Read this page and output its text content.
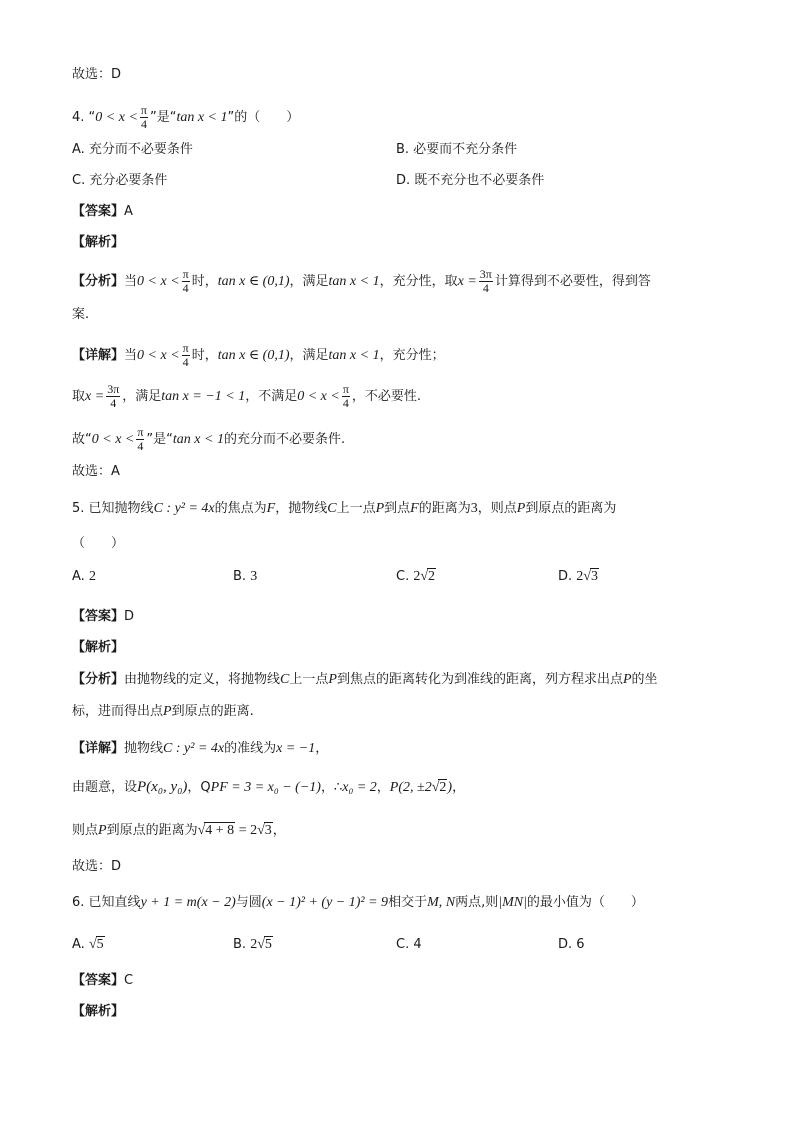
故选：D
4. “$0 < x < \frac{\pi}{4}$ ”是“tan x < 1”的（　　）
A. 充分而不必要条件	B. 必要而不充分条件
C. 充分必要条件	D. 既不充分也不必要条件
【答案】A
【解析】
【分析】当$0 < x < \frac{\pi}{4}$ 时，tan x ∈ (0,1)，满足tan x < 1，充分性，取$x = \frac{3\pi}{4}$ 计算得到不必要性，得到答
案.
【详解】当$0 < x < \frac{\pi}{4}$ 时，tan x ∈ (0,1)，满足tan x < 1，充分性；
取$x = \frac{3\pi}{4}$ ，满足tan x = −1 < 1，不满足$0 < x < \frac{\pi}{4}$ ，不必要性.
故“$0 < x < \frac{\pi}{4}$ ”是“tan x < 1的充分而不必要条件.
故选：A
5. 已知抛物线C : y² = 4x的焦点为F，抛物线C上一点P到点F的距离为3，则点P到原点的距离为
（　　）
A. 2	B. 3	C. 2√2	D. 2√3
【答案】D
【解析】
【分析】由抛物线的定义，将抛物线C上一点P到焦点的距离转化为到准线的距离，列方程求出点P的坐
标，进而得出点P到原点的距离.
【详解】抛物线C : y² = 4x的准线为x = −1，
由题意，设P(x₀, y₀)，QPF = 3 = x₀ − (−1)，∴x₀ = 2，P(2, ±2√2)，
则点P到原点的距离为√4 + 8 = 2√3，
故选：D
6. 已知直线y + 1 = m(x − 2)与圆(x − 1)² + (y − 1)² = 9相交于M, N两点,则|MN|的最小值为（　　）
A. √5	B. 2√5	C. 4	D. 6
【答案】C
【解析】
